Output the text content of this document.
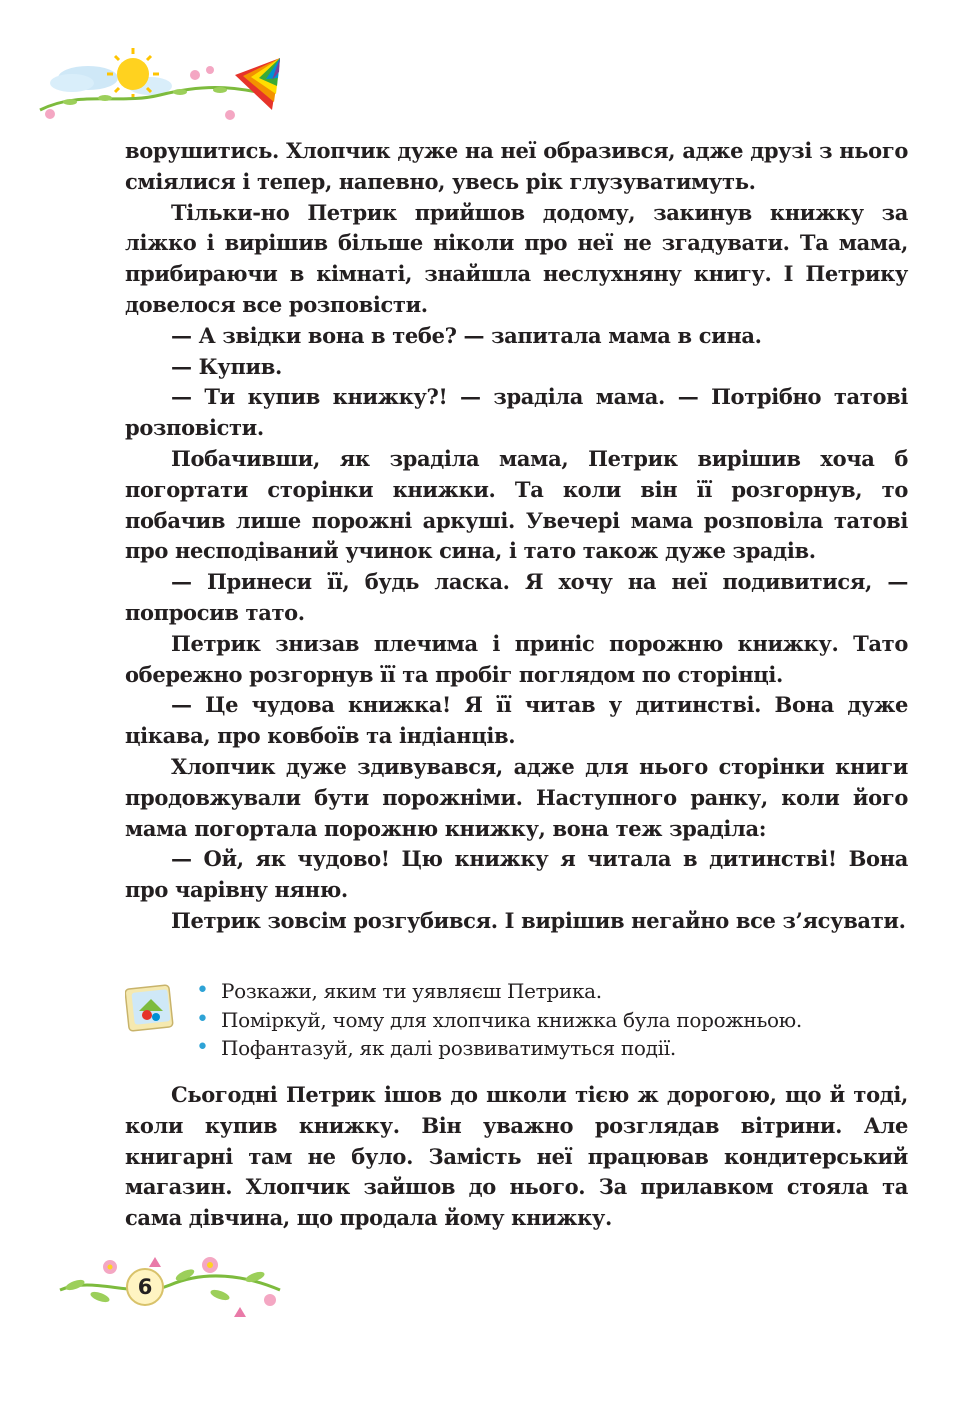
ворушитись. Хлопчик дуже на неї образився, адже друзі з нього сміялися і тепер, напевно, увесь рік глузуватимуть.

Тільки-но Петрик прийшов додому, закинув книжку за ліжко і вирішив більше ніколи про неї не згадувати. Та мама, прибираючи в кімнаті, знайшла неслухняну книгу. І Петрику довелося все розповісти.

— А звідки вона в тебе? — запитала мама в сина.

— Купив.

— Ти купив книжку?! — зраділа мама. — Потрібно татові розповісти.

Побачивши, як зраділа мама, Петрик вирішив хоча б погортати сторінки книжки. Та коли він її розгорнув, то побачив лише порожні аркуші. Увечері мама розповіла татові про несподіваний учинок сина, і тато також дуже зрадів.

— Принеси її, будь ласка. Я хочу на неї подивитися, — попросив тато.

Петрик знизав плечима і приніс порожню книжку. Тато обережно розгорнув її та пробіг поглядом по сторінці.

— Це чудова книжка! Я її читав у дитинстві. Вона дуже цікава, про ковбоїв та індіанців.

Хлопчик дуже здивувався, адже для нього сторінки книги продовжували бути порожніми. Наступного ранку, коли його мама погортала порожню книжку, вона теж зраділа:

— Ой, як чудово! Цю книжку я читала в дитинстві! Вона про чарівну няню.

Петрик зовсім розгубився. І вирішив негайно все з’ясувати.

• Розкажи, яким ти уявляєш Петрика.
• Поміркуй, чому для хлопчика книжка була порожньою.
• Пофантазуй, як далі розвиватимуться події.

Сьогодні Петрик ішов до школи тією ж дорогою, що й тоді, коли купив книжку. Він уважно розглядав вітрини. Але книгарні там не було. Замість неї працював кондитерський магазин. Хлопчик зайшов до нього. За прилавком стояла та сама дівчина, що продала йому книжку.

6
